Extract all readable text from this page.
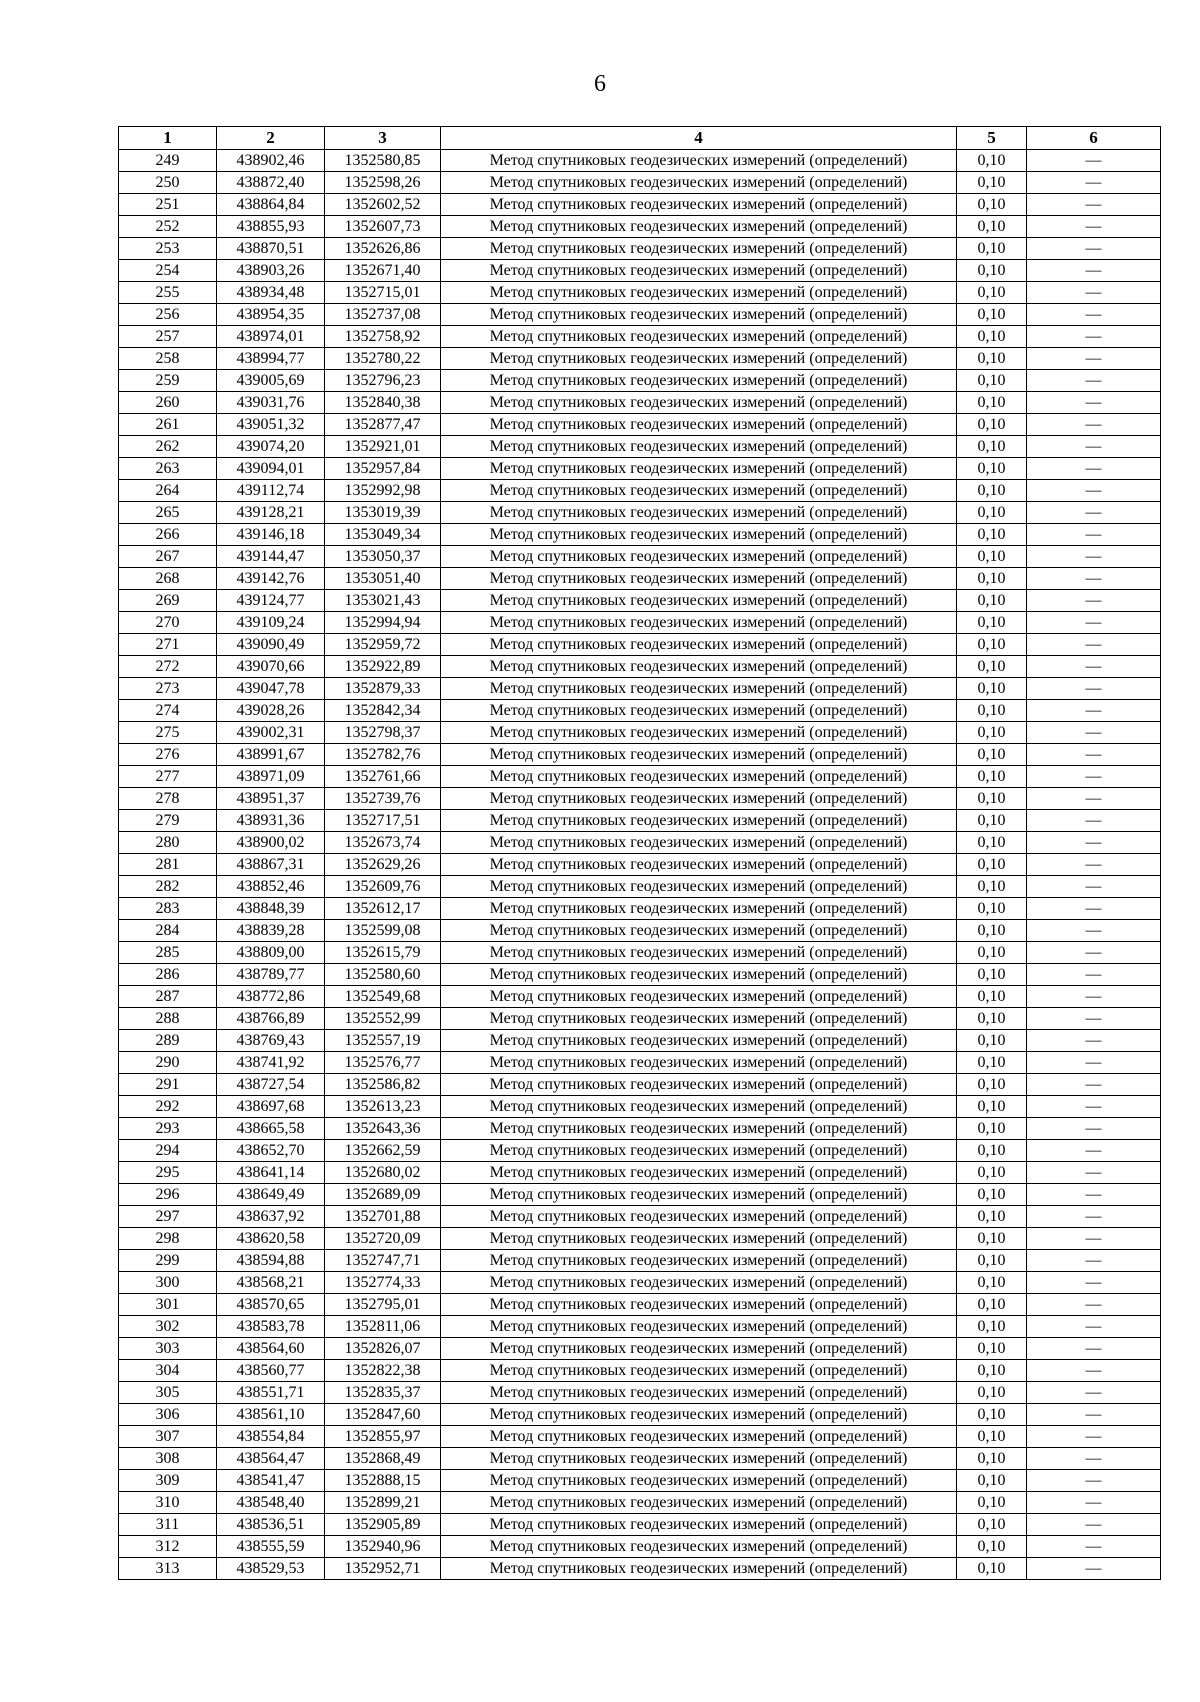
6
1	2	3	4	5	6
249	438902,46	1352580,85	Метод спутниковых геодезических измерений (определений)	0,10	—
250	438872,40	1352598,26	Метод спутниковых геодезических измерений (определений)	0,10	—
251	438864,84	1352602,52	Метод спутниковых геодезических измерений (определений)	0,10	—
252	438855,93	1352607,73	Метод спутниковых геодезических измерений (определений)	0,10	—
253	438870,51	1352626,86	Метод спутниковых геодезических измерений (определений)	0,10	—
254	438903,26	1352671,40	Метод спутниковых геодезических измерений (определений)	0,10	—
255	438934,48	1352715,01	Метод спутниковых геодезических измерений (определений)	0,10	—
256	438954,35	1352737,08	Метод спутниковых геодезических измерений (определений)	0,10	—
257	438974,01	1352758,92	Метод спутниковых геодезических измерений (определений)	0,10	—
258	438994,77	1352780,22	Метод спутниковых геодезических измерений (определений)	0,10	—
259	439005,69	1352796,23	Метод спутниковых геодезических измерений (определений)	0,10	—
260	439031,76	1352840,38	Метод спутниковых геодезических измерений (определений)	0,10	—
261	439051,32	1352877,47	Метод спутниковых геодезических измерений (определений)	0,10	—
262	439074,20	1352921,01	Метод спутниковых геодезических измерений (определений)	0,10	—
263	439094,01	1352957,84	Метод спутниковых геодезических измерений (определений)	0,10	—
264	439112,74	1352992,98	Метод спутниковых геодезических измерений (определений)	0,10	—
265	439128,21	1353019,39	Метод спутниковых геодезических измерений (определений)	0,10	—
266	439146,18	1353049,34	Метод спутниковых геодезических измерений (определений)	0,10	—
267	439144,47	1353050,37	Метод спутниковых геодезических измерений (определений)	0,10	—
268	439142,76	1353051,40	Метод спутниковых геодезических измерений (определений)	0,10	—
269	439124,77	1353021,43	Метод спутниковых геодезических измерений (определений)	0,10	—
270	439109,24	1352994,94	Метод спутниковых геодезических измерений (определений)	0,10	—
271	439090,49	1352959,72	Метод спутниковых геодезических измерений (определений)	0,10	—
272	439070,66	1352922,89	Метод спутниковых геодезических измерений (определений)	0,10	—
273	439047,78	1352879,33	Метод спутниковых геодезических измерений (определений)	0,10	—
274	439028,26	1352842,34	Метод спутниковых геодезических измерений (определений)	0,10	—
275	439002,31	1352798,37	Метод спутниковых геодезических измерений (определений)	0,10	—
276	438991,67	1352782,76	Метод спутниковых геодезических измерений (определений)	0,10	—
277	438971,09	1352761,66	Метод спутниковых геодезических измерений (определений)	0,10	—
278	438951,37	1352739,76	Метод спутниковых геодезических измерений (определений)	0,10	—
279	438931,36	1352717,51	Метод спутниковых геодезических измерений (определений)	0,10	—
280	438900,02	1352673,74	Метод спутниковых геодезических измерений (определений)	0,10	—
281	438867,31	1352629,26	Метод спутниковых геодезических измерений (определений)	0,10	—
282	438852,46	1352609,76	Метод спутниковых геодезических измерений (определений)	0,10	—
283	438848,39	1352612,17	Метод спутниковых геодезических измерений (определений)	0,10	—
284	438839,28	1352599,08	Метод спутниковых геодезических измерений (определений)	0,10	—
285	438809,00	1352615,79	Метод спутниковых геодезических измерений (определений)	0,10	—
286	438789,77	1352580,60	Метод спутниковых геодезических измерений (определений)	0,10	—
287	438772,86	1352549,68	Метод спутниковых геодезических измерений (определений)	0,10	—
288	438766,89	1352552,99	Метод спутниковых геодезических измерений (определений)	0,10	—
289	438769,43	1352557,19	Метод спутниковых геодезических измерений (определений)	0,10	—
290	438741,92	1352576,77	Метод спутниковых геодезических измерений (определений)	0,10	—
291	438727,54	1352586,82	Метод спутниковых геодезических измерений (определений)	0,10	—
292	438697,68	1352613,23	Метод спутниковых геодезических измерений (определений)	0,10	—
293	438665,58	1352643,36	Метод спутниковых геодезических измерений (определений)	0,10	—
294	438652,70	1352662,59	Метод спутниковых геодезических измерений (определений)	0,10	—
295	438641,14	1352680,02	Метод спутниковых геодезических измерений (определений)	0,10	—
296	438649,49	1352689,09	Метод спутниковых геодезических измерений (определений)	0,10	—
297	438637,92	1352701,88	Метод спутниковых геодезических измерений (определений)	0,10	—
298	438620,58	1352720,09	Метод спутниковых геодезических измерений (определений)	0,10	—
299	438594,88	1352747,71	Метод спутниковых геодезических измерений (определений)	0,10	—
300	438568,21	1352774,33	Метод спутниковых геодезических измерений (определений)	0,10	—
301	438570,65	1352795,01	Метод спутниковых геодезических измерений (определений)	0,10	—
302	438583,78	1352811,06	Метод спутниковых геодезических измерений (определений)	0,10	—
303	438564,60	1352826,07	Метод спутниковых геодезических измерений (определений)	0,10	—
304	438560,77	1352822,38	Метод спутниковых геодезических измерений (определений)	0,10	—
305	438551,71	1352835,37	Метод спутниковых геодезических измерений (определений)	0,10	—
306	438561,10	1352847,60	Метод спутниковых геодезических измерений (определений)	0,10	—
307	438554,84	1352855,97	Метод спутниковых геодезических измерений (определений)	0,10	—
308	438564,47	1352868,49	Метод спутниковых геодезических измерений (определений)	0,10	—
309	438541,47	1352888,15	Метод спутниковых геодезических измерений (определений)	0,10	—
310	438548,40	1352899,21	Метод спутниковых геодезических измерений (определений)	0,10	—
311	438536,51	1352905,89	Метод спутниковых геодезических измерений (определений)	0,10	—
312	438555,59	1352940,96	Метод спутниковых геодезических измерений (определений)	0,10	—
313	438529,53	1352952,71	Метод спутниковых геодезических измерений (определений)	0,10	—
